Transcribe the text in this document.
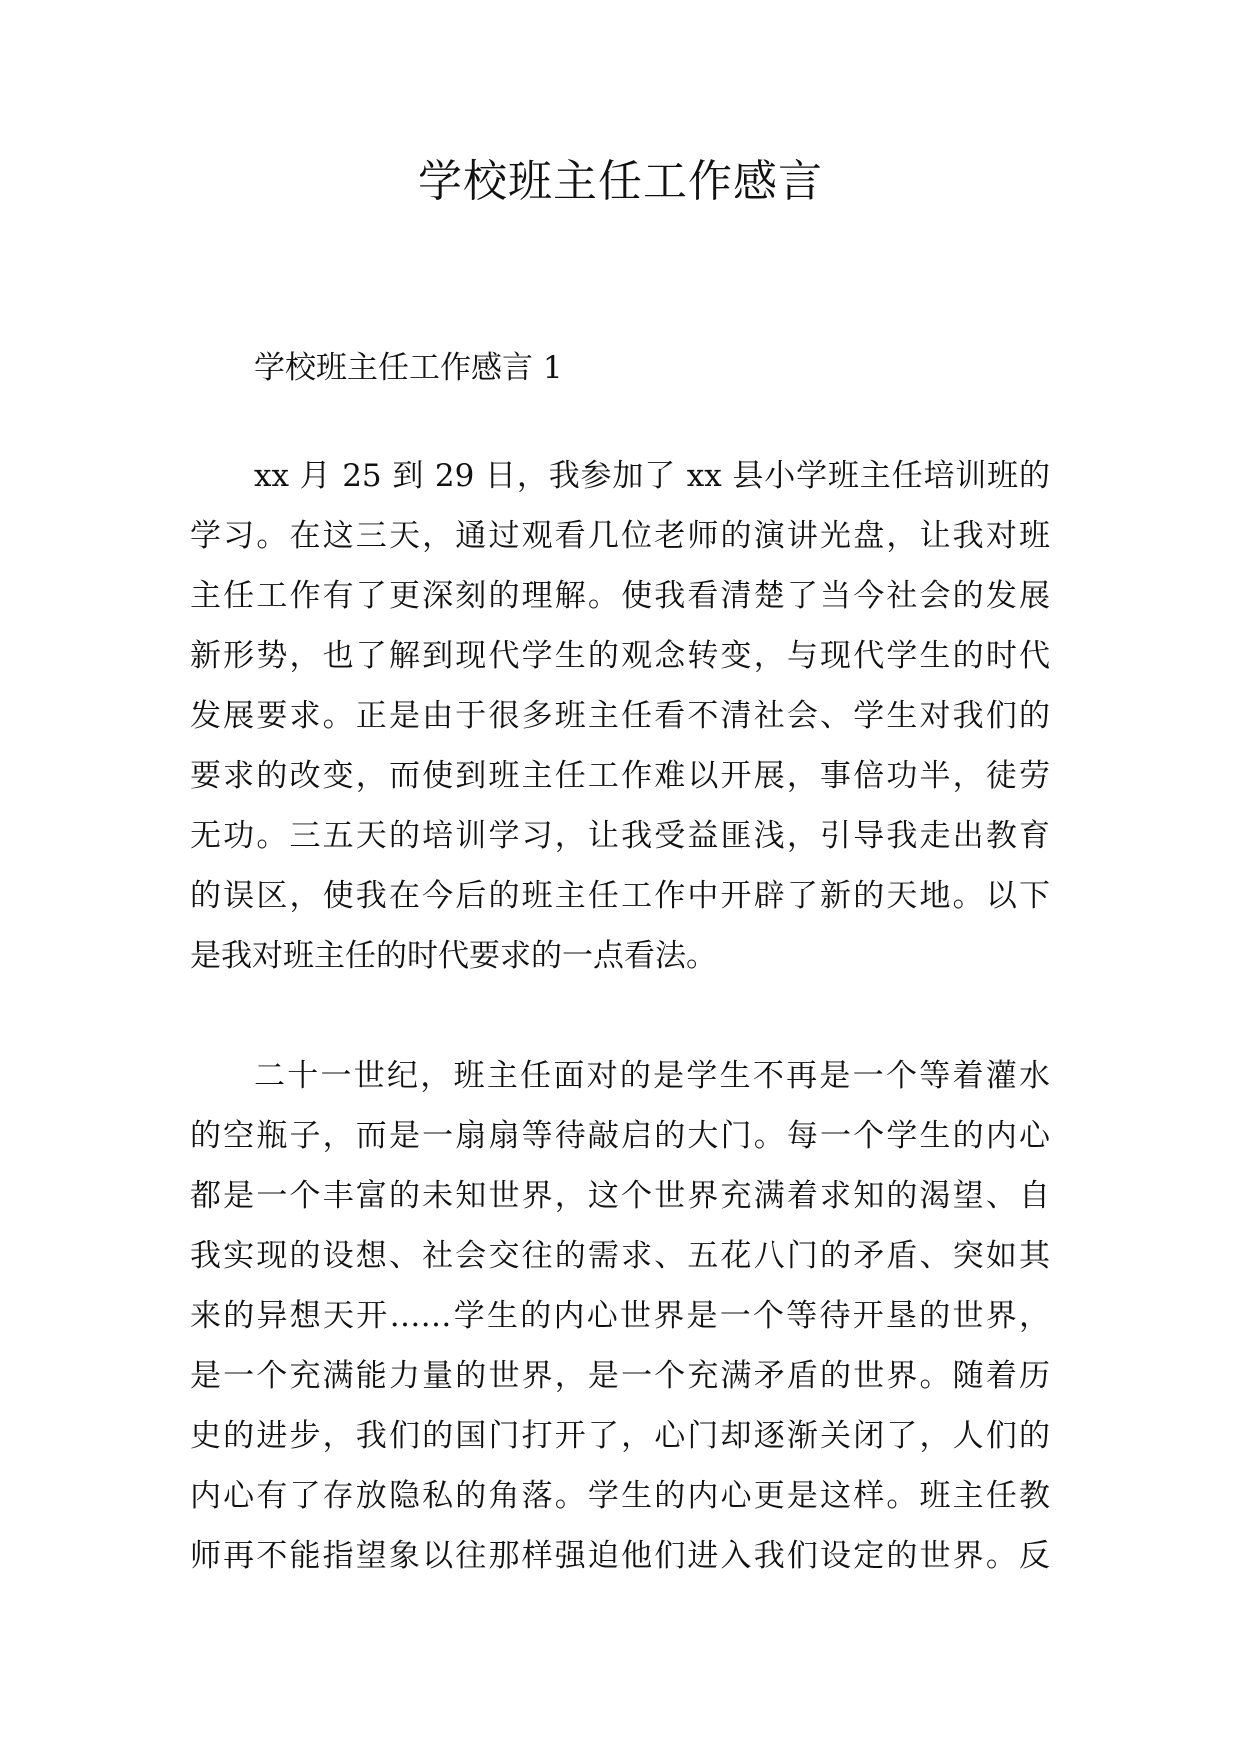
学校班主任工作感言
学校班主任工作感言 1
xx 月 25 到 29 日，我参加了 xx 县小学班主任培训班的
学习。在这三天，通过观看几位老师的演讲光盘，让我对班
主任工作有了更深刻的理解。使我看清楚了当今社会的发展
新形势，也了解到现代学生的观念转变，与现代学生的时代
发展要求。正是由于很多班主任看不清社会、学生对我们的
要求的改变，而使到班主任工作难以开展，事倍功半，徒劳
无功。三五天的培训学习，让我受益匪浅，引导我走出教育
的误区，使我在今后的班主任工作中开辟了新的天地。以下
是我对班主任的时代要求的一点看法。
二十一世纪，班主任面对的是学生不再是一个等着灌水
的空瓶子，而是一扇扇等待敲启的大门。每一个学生的内心
都是一个丰富的未知世界，这个世界充满着求知的渴望、自
我实现的设想、社会交往的需求、五花八门的矛盾、突如其
来的异想天开……学生的内心世界是一个等待开垦的世界，
是一个充满能力量的世界，是一个充满矛盾的世界。随着历
史的进步，我们的国门打开了，心门却逐渐关闭了，人们的
内心有了存放隐私的角落。学生的内心更是这样。班主任教
师再不能指望象以往那样强迫他们进入我们设定的世界。反
